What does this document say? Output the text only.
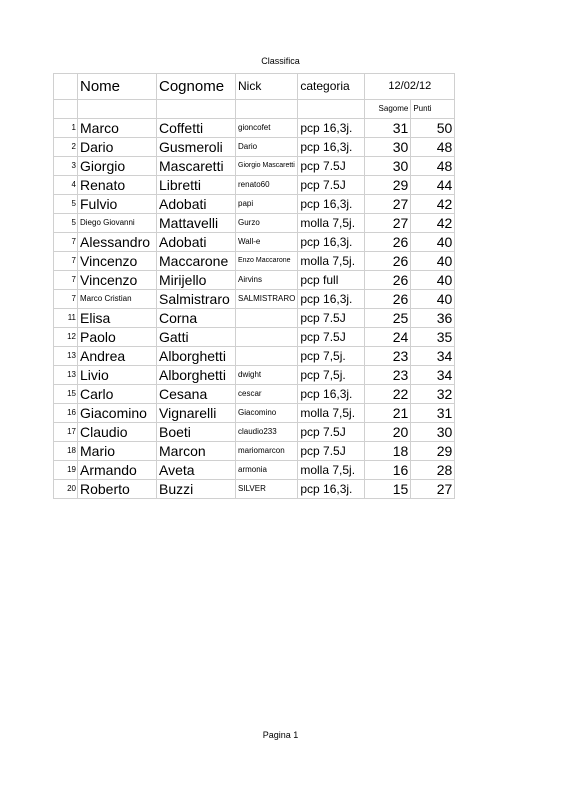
Classifica
	Nome	Cognome	Nick	categoria	12/02/12	
					Sagome	Punti
1	Marco	Coffetti	gioncofet	pcp 16,3j.	31	50
2	Dario	Gusmeroli	Dario	pcp 16,3j.	30	48
3	Giorgio	Mascaretti	Giorgio Mascaretti	pcp 7.5J	30	48
4	Renato	Libretti	renato60	pcp 7.5J	29	44
5	Fulvio	Adobati	papi	pcp 16,3j.	27	42
5	Diego Giovanni	Mattavelli	Gurzo	molla 7,5j.	27	42
7	Alessandro	Adobati	Wall-e	pcp 16,3j.	26	40
7	Vincenzo	Maccarone	Enzo Maccarone	molla 7,5j.	26	40
7	Vincenzo	Mirijello	Airvins	pcp full	26	40
7	Marco Cristian	Salmistraro	SALMISTRARO	pcp 16,3j.	26	40
11	Elisa	Corna		pcp 7.5J	25	36
12	Paolo	Gatti		pcp 7.5J	24	35
13	Andrea	Alborghetti		pcp 7,5j.	23	34
13	Livio	Alborghetti	dwight	pcp 7,5j.	23	34
15	Carlo	Cesana	cescar	pcp 16,3j.	22	32
16	Giacomino	Vignarelli	Giacomino	molla 7,5j.	21	31
17	Claudio	Boeti	claudio233	pcp 7.5J	20	30
18	Mario	Marcon	mariomarcon	pcp 7.5J	18	29
19	Armando	Aveta	armonia	molla 7,5j.	16	28
20	Roberto	Buzzi	SILVER	pcp 16,3j.	15	27
Pagina 1
